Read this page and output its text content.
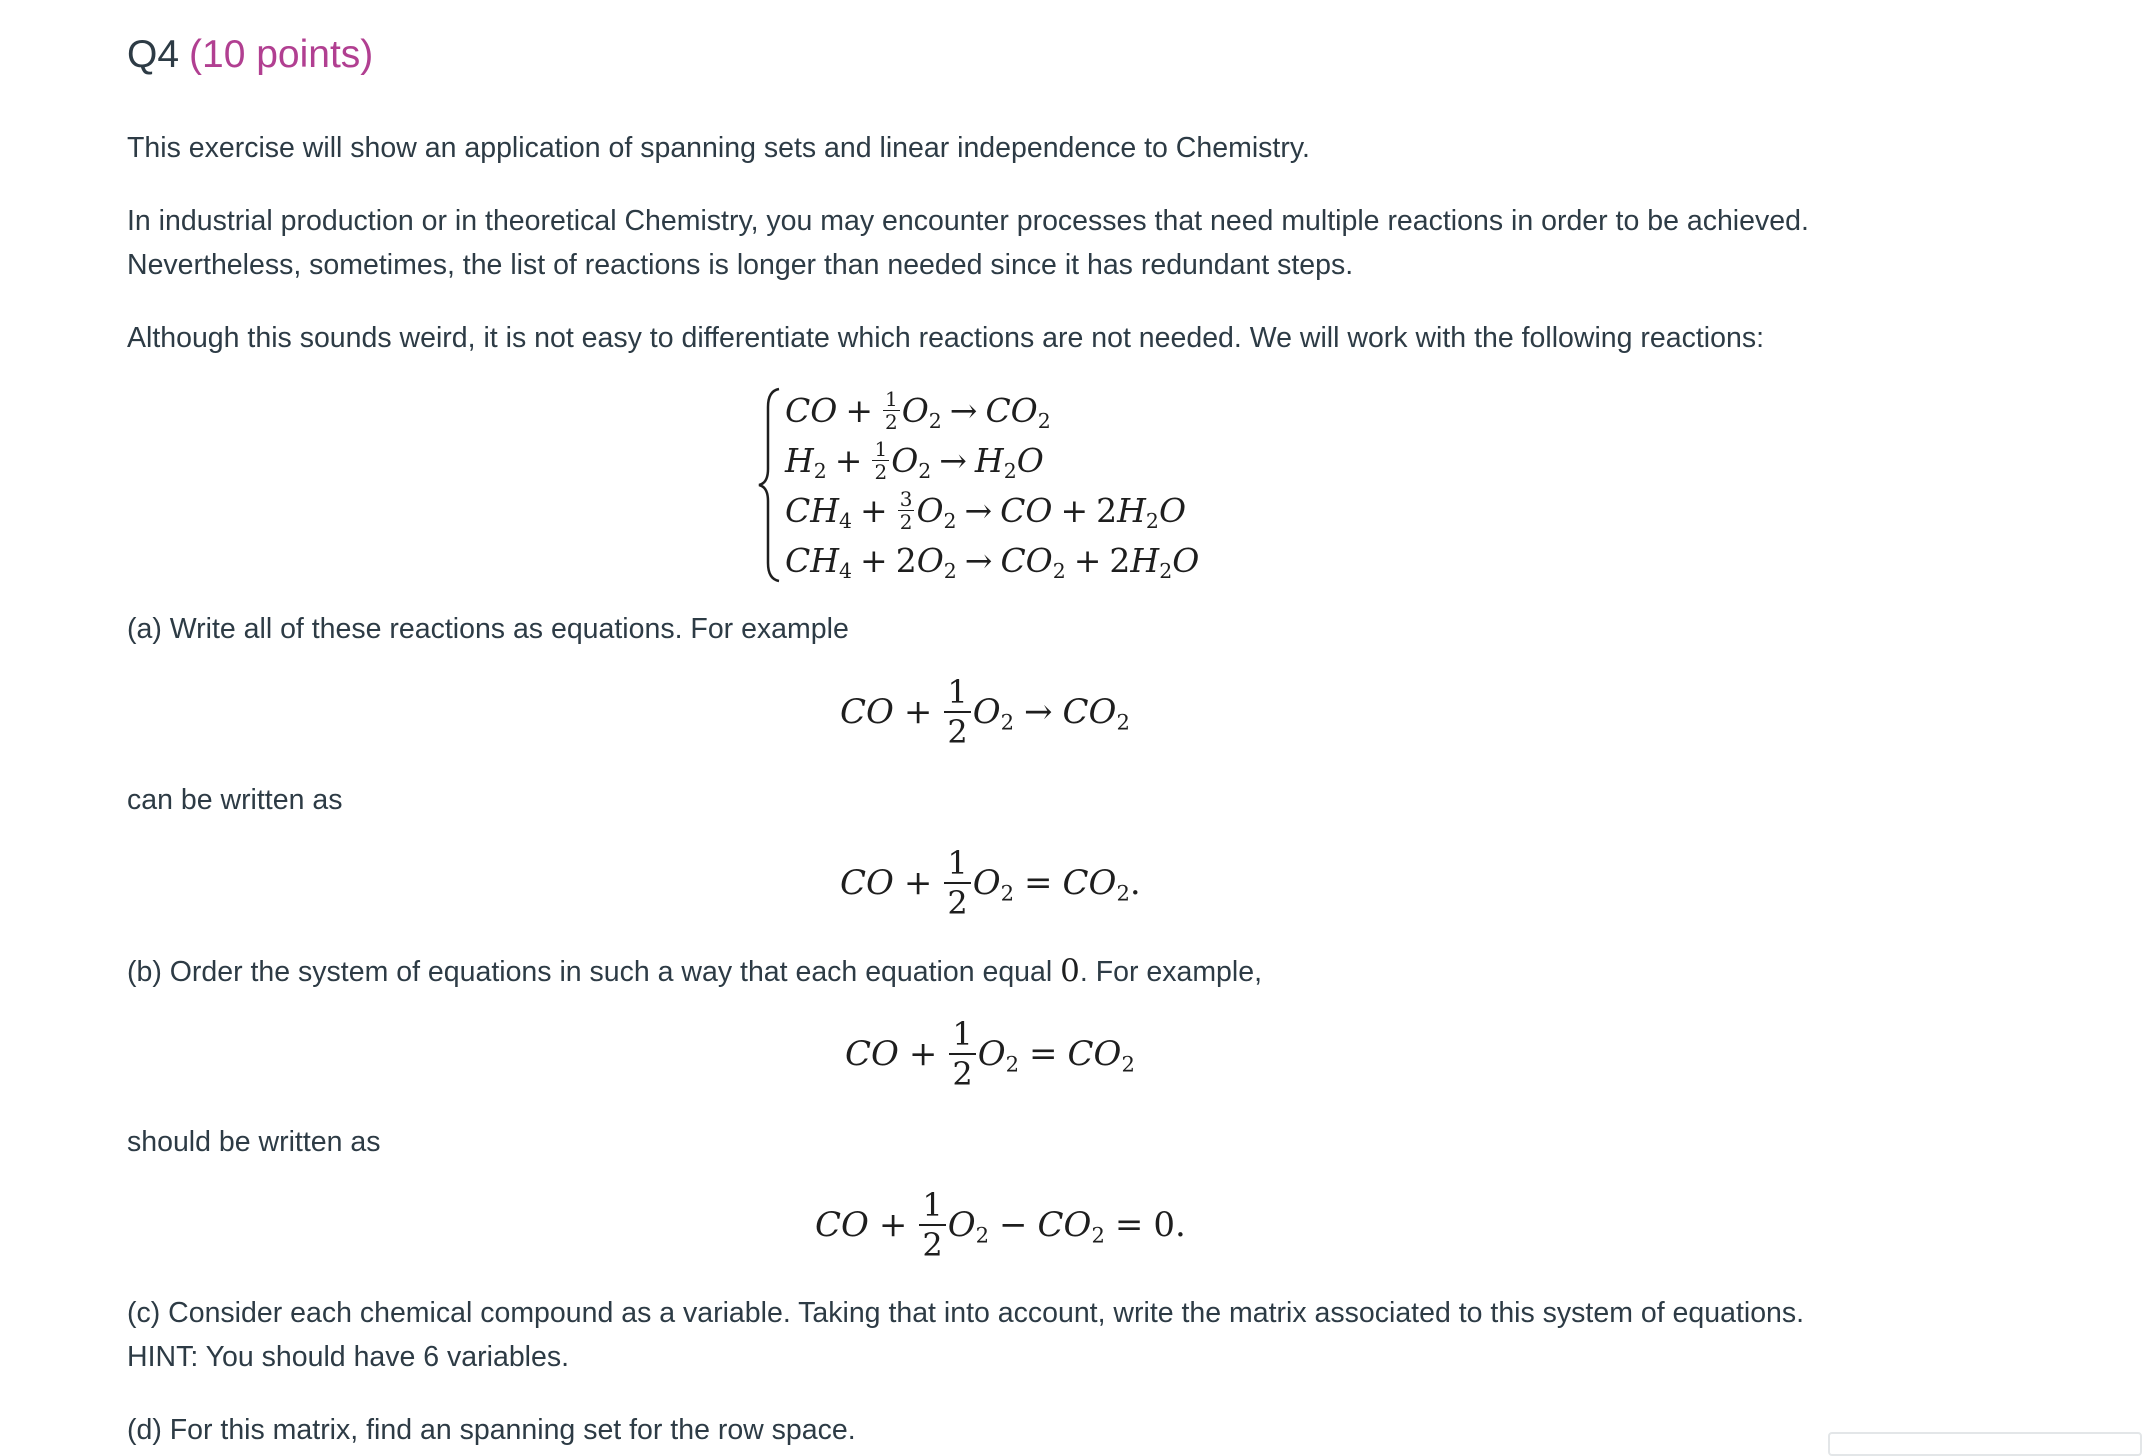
Q4 (10 points)

This exercise will show an application of spanning sets and linear independence to Chemistry.

In industrial production or in theoretical Chemistry, you may encounter processes that need multiple reactions in order to be achieved.

Nevertheless, sometimes, the list of reactions is longer than needed since it has redundant steps.

Although this sounds weird, it is not easy to differentiate which reactions are not needed. We will work with the following reactions:

(a) Write all of these reactions as equations. For example

can be written as

(b) Order the system of equations in such a way that each equation equal 0. For example,

should be written as

(c) Consider each chemical compound as a variable. Taking that into account, write the matrix associated to this system of equations.

HINT: You should have 6 variables.

(d) For this matrix, find an spanning set for the row space.

CO + $\frac{1}{2} O_2 \to CO_2$
$H_2 + \frac{1}{2} O_2 \to H_2O$
$CH_4 + \frac{3}{2} O_2$ → CO + $2H_2O$
$CH_4 + 2O_2 \to CO_2 + 2H_2O$
CO + $\frac{1}{2} O_2 \to CO_2$
CO + $\frac{1}{2} O_2 = CO_2$.
CO + $\frac{1}{2} O_2 = CO_2$
CO + $\frac{1}{2} O_2 - CO_2 = 0$.
